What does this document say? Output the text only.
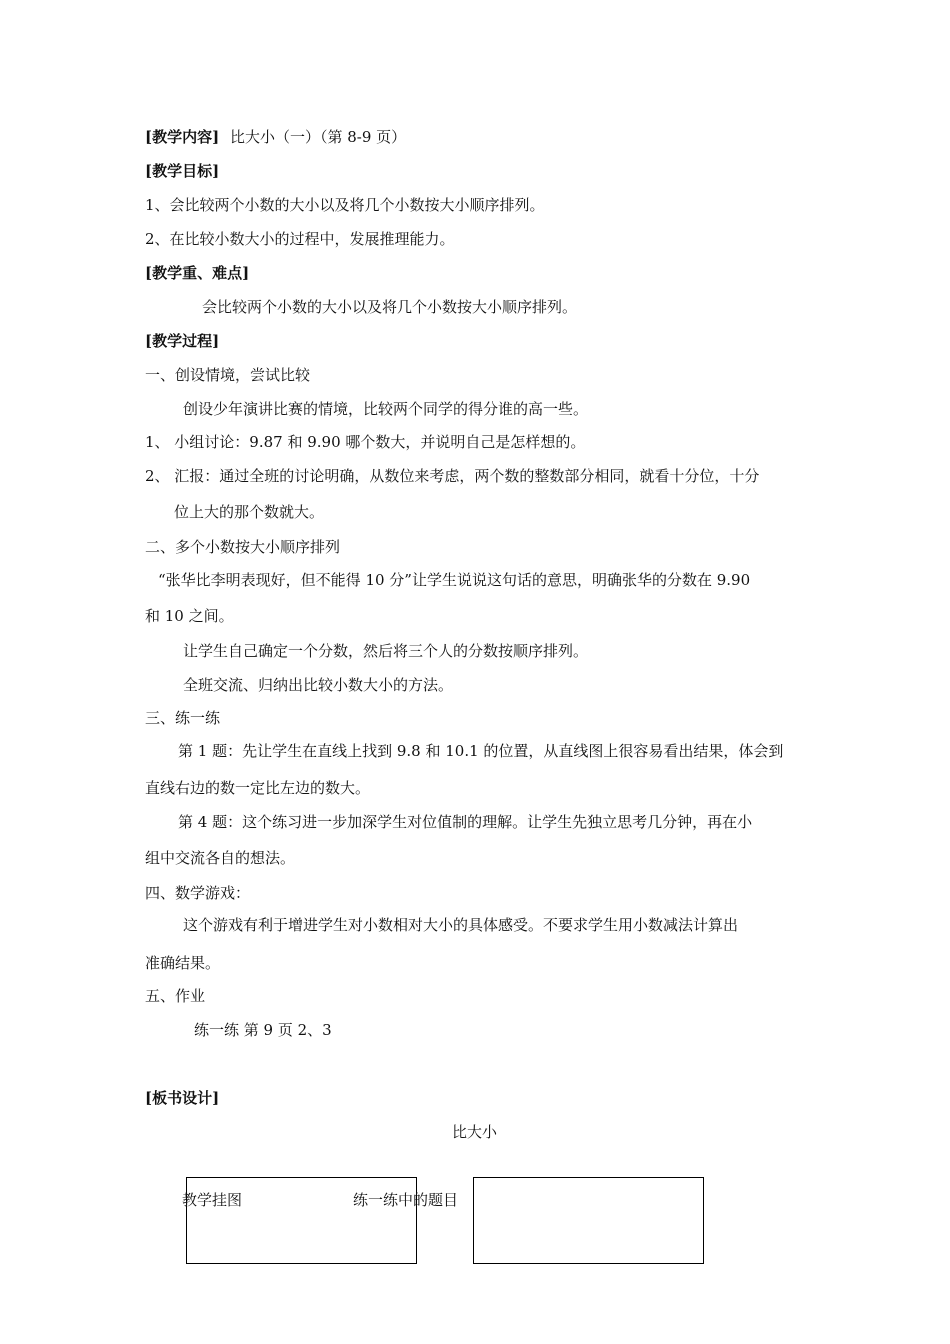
[教学内容] 比大小（一）（第 8-9 页）
[教学目标]
1、会比较两个小数的大小以及将几个小数按大小顺序排列。
2、在比较小数大小的过程中，发展推理能力。
[教学重、难点]
会比较两个小数的大小以及将几个小数按大小顺序排列。
[教学过程]
一、创设情境，尝试比较
创设少年演讲比赛的情境，比较两个同学的得分谁的高一些。
1、 小组讨论：9.87 和 9.90 哪个数大，并说明自己是怎样想的。
2、 汇报：通过全班的讨论明确，从数位来考虑，两个数的整数部分相同，就看十分位，十分
位上大的那个数就大。
二、多个小数按大小顺序排列
“张华比李明表现好，但不能得 10 分”让学生说说这句话的意思，明确张华的分数在 9.90
和 10 之间。
让学生自己确定一个分数，然后将三个人的分数按顺序排列。
全班交流、归纳出比较小数大小的方法。
三、练一练
第 1 题：先让学生在直线上找到 9.8 和 10.1 的位置，从直线图上很容易看出结果，体会到
直线右边的数一定比左边的数大。
第 4 题：这个练习进一步加深学生对位值制的理解。让学生先独立思考几分钟，再在小
组中交流各自的想法。
四、数学游戏：
这个游戏有利于增进学生对小数相对大小的具体感受。不要求学生用小数减法计算出
准确结果。
五、作业
练一练 第 9 页 2、3
[板书设计]
比大小
教学挂图	练一练中的题目
